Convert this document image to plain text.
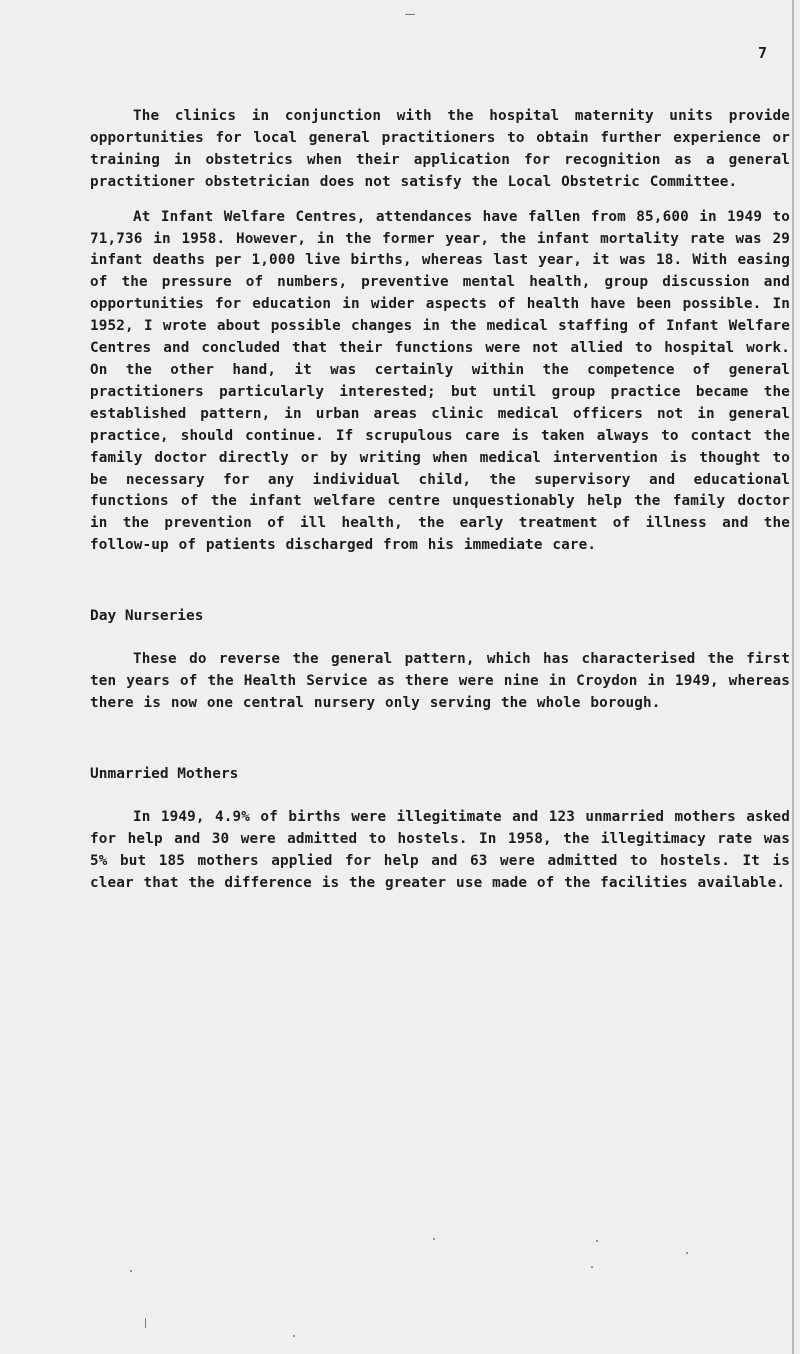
7

The clinics in conjunction with the hospital maternity units provide opportunities for local general practitioners to obtain further experience or training in obstetrics when their application for recognition as a general practitioner obstetrician does not satisfy the Local Obstetric Committee.

At Infant Welfare Centres, attendances have fallen from 85,600 in 1949 to 71,736 in 1958. However, in the former year, the infant mortality rate was 29 infant deaths per 1,000 live births, whereas last year, it was 18. With easing of the pressure of numbers, preventive mental health, group discussion and opportunities for education in wider aspects of health have been possible. In 1952, I wrote about possible changes in the medical staffing of Infant Welfare Centres and concluded that their functions were not allied to hospital work. On the other hand, it was certainly within the competence of general practitioners particularly interested; but until group practice became the established pattern, in urban areas clinic medical officers not in general practice, should continue. If scrupulous care is taken always to contact the family doctor directly or by writing when medical intervention is thought to be necessary for any individual child, the supervisory and educational functions of the infant welfare centre unquestionably help the family doctor in the prevention of ill health, the early treatment of illness and the follow-up of patients discharged from his immediate care.

Day Nurseries

These do reverse the general pattern, which has characterised the first ten years of the Health Service as there were nine in Croydon in 1949, whereas there is now one central nursery only serving the whole borough.

Unmarried Mothers

In 1949, 4.9% of births were illegitimate and 123 unmarried mothers asked for help and 30 were admitted to hostels. In 1958, the illegitimacy rate was 5% but 185 mothers applied for help and 63 were admitted to hostels. It is clear that the difference is the greater use made of the facilities available.
